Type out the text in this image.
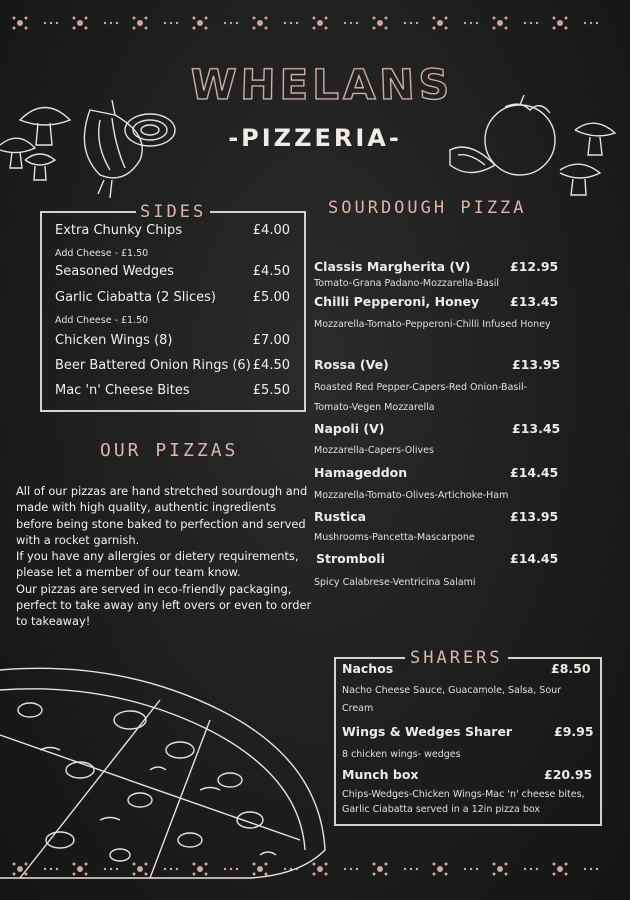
WHELANS
-PIZZERIA-
SIDES
Extra Chunky Chips	£4.00
Add Cheese - £1.50
Seasoned Wedges	£4.50
Garlic Ciabatta (2 Slices)	£5.00
Add Cheese - £1.50
Chicken Wings (8)	£7.00
Beer Battered Onion Rings (6) £4.50
Mac 'n' Cheese Bites	£5.50
OUR PIZZAS

All of our pizzas are hand stretched sourdough and made with high quality, authentic ingredients before being stone baked to perfection and served with a rocket garnish.

If you have any allergies or dietery requirements, please let a member of our team know.

Our pizzas are served in eco-friendly packaging, perfect to take away any left overs or even to order to takeaway!

SOURDOUGH PIZZA
Classis Margherita (V)	£12.95
Tomato-Grana Padano-Mozzarella-Basil
Chilli Pepperoni, Honey £13.45
Mozzarella-Tomato-Pepperoni-Chilli Infused Honey
Rossa (Ve)	£13.95
Roasted Red Pepper-Capers-Red Onion-Basil-Tomato-Vegen Mozzarella
Napoli (V)	£13.45
Mozzarella-Capers-Olives
Hamageddon	£14.45
Mozzarella-Tomato-Olives-Artichoke-Ham
Rustica	£13.95
Mushrooms-Pancetta-Mascarpone
Stromboli	£14.45
Spicy Calabrese-Ventricina Salami
SHARERS
Nachos	£8.50
Nacho Cheese Sauce, Guacamole, Salsa, Sour Cream
Wings & Wedges Sharer	£9.95
8 chicken wings- wedges
Munch box	£20.95
Chips-Wedges-Chicken Wings-Mac 'n' cheese bites, Garlic Ciabatta served in a 12in pizza box
